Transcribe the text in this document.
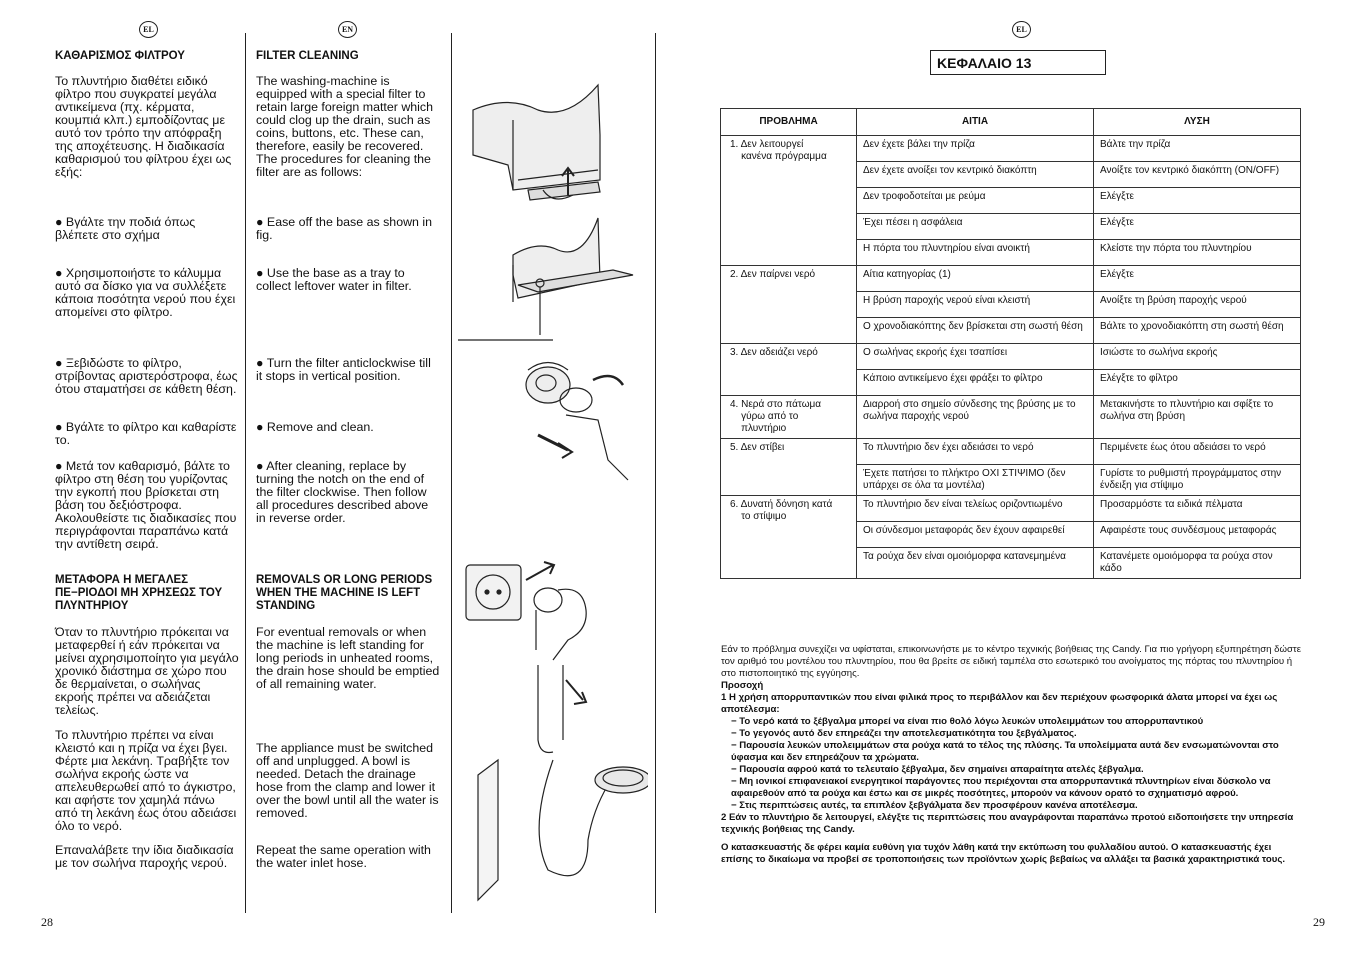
EL	EN	EL

ΚΑΘΑΡΙΣΜΟΣ ΦΙΛΤΡΟΥ

Το πλυντήριο διαθέτει ειδικό φίλτρο που συγκρατεί μεγάλα αντικείμενα (πχ. κέρματα, κουμπιά κλπ.) εμποδίζοντας με αυτό τον τρόπο την απόφραξη της αποχέτευσης. Η διαδικασία καθαρισμού του φίλτρου έχει ως εξής:

● Βγάλτε την ποδιά όπως βλέπετε στο σχήμα

● Χρησιμοποιήστε το κάλυμμα αυτό σα δίσκο για να συλλέξετε κάποια ποσότητα νερού που έχει απομείνει στο φίλτρο.

● Ξεβιδώστε το φίλτρο, στρίβοντας αριστερόστροφα, έως ότου σταματήσει σε κάθετη θέση.

● Βγάλτε το φίλτρο και καθαρίστε το.

● Μετά τον καθαρισμό, βάλτε το φίλτρο στη θέση του γυρίζοντας την εγκοπή που βρίσκεται στη βάση του δεξιόστροφα. Ακολουθείστε τις διαδικασίες που περιγράφονται παραπάνω κατά την αντίθετη σειρά.

ΜΕΤΑΦΟΡΑ Η ΜΕΓΑΛΕΣ ΠΕ−ΡΙΟΔΟΙ ΜΗ ΧΡΗΣΕΩΣ ΤΟΥ ΠΛΥΝΤΗΡΙΟΥ

Όταν το πλυντήριο πρόκειται να μεταφερθεί ή εάν πρόκειται να μείνει αχρησιμοποίητο για μεγάλο χρονικό διάστημα σε χώρο που δε θερμαίνεται, ο σωλήνας εκροής πρέπει να αδειάζεται τελείως.

Το πλυντήριο πρέπει να είναι κλειστό και η πρίζα να έχει βγει. Φέρτε μια λεκάνη. Τραβήξτε τον σωλήνα εκροής ώστε να απελευθερωθεί από το άγκιστρο, και αφήστε τον χαμηλά πάνω από τη λεκάνη έως ότου αδειάσει όλο το νερό.

Επαναλάβετε την ίδια διαδικασία με τον σωλήνα παροχής νερού.

FILTER CLEANING

The washing-machine is equipped with a special filter to retain large foreign matter which could clog up the drain, such as coins, buttons, etc. These can, therefore, easily be recovered. The procedures for cleaning the filter are as follows:

● Ease off the base as shown in fig.

● Use the base as a tray to collect leftover water in filter.

● Turn the filter anticlockwise till it stops in vertical position.

● Remove and clean.

● After cleaning, replace by turning the notch on the end of the filter clockwise. Then follow all procedures described above in reverse order.

REMOVALS OR LONG PERIODS WHEN THE MACHINE IS LEFT STANDING

For eventual removals or when the machine is left standing for long periods in unheated rooms, the drain hose should be emptied of all remaining water.

The appliance must be switched off and unplugged. A bowl is needed. Detach the drainage hose from the clamp and lower it over the bowl until all the water is removed.

Repeat the same operation with the water inlet hose.

ΚΕΦΑΛΑΙΟ 13
ΠΡΟΒΛΗΜΑ	ΑΙΤΙΑ	ΛΥΣΗ
1. Δεν λειτουργεί
κανένα πρόγραμμα	Δεν έχετε βάλει την πρίζα	Βάλτε την πρίζα
	Δεν έχετε ανοίξει τον κεντρικό διακόπτη	Ανοίξτε τον κεντρικό διακόπτη (ON/OFF)
	Δεν τροφοδοτείται με ρεύμα	Ελέγξτε
	Έχει πέσει η ασφάλεια	Ελέγξτε
	Η πόρτα του πλυντηρίου είναι ανοικτή	Κλείστε την πόρτα του πλυντηρίου
2. Δεν παίρνει νερό	Αίτια κατηγορίας (1)	Ελέγξτε
	Η βρύση παροχής νερού είναι κλειστή	Ανοίξτε τη βρύση παροχής νερού
	Ο χρονοδιακόπτης δεν βρίσκεται στη σωστή θέση	Βάλτε το χρονοδιακόπτη στη σωστή θέση
3. Δεν αδειάζει νερό	Ο σωλήνας εκροής έχει τσαπίσει	Ισιώστε το σωλήνα εκροής
	Κάποιο αντικείμενο έχει φράξει το φίλτρο	Ελέγξτε το φίλτρο
4. Νερά στο πάτωμα
γύρω από το
πλυντήριο	Διαρροή στο σημείο σύνδεσης της βρύσης με το σωλήνα παροχής νερού	Μετακινήστε το πλυντήριο και σφίξτε το σωλήνα στη βρύση
5. Δεν στίβει	Το πλυντήριο δεν έχει αδειάσει το νερό	Περιμένετε έως ότου αδειάσει το νερό
	Έχετε πατήσει το πλήκτρο ΟΧΙ ΣΤΙΨΙΜΟ (δεν υπάρχει σε όλα τα μοντέλα)	Γυρίστε το ρυθμιστή προγράμματος στην ένδειξη για στίψιμο
6. Δυνατή δόνηση κατά
το στίψιμο	Το πλυντήριο δεν είναι τελείως οριζοντιωμένο	Προσαρμόστε τα ειδικά πέλματα
	Οι σύνδεσμοι μεταφοράς δεν έχουν αφαιρεθεί	Αφαιρέστε τους συνδέσμους μεταφοράς
	Τα ρούχα δεν είναι ομοιόμορφα κατανεμημένα	Κατανέμετε ομοιόμορφα τα ρούχα στον κάδο

Εάν το πρόβλημα συνεχίζει να υφίσταται, επικοινωνήστε με το κέντρο τεχνικής βοήθειας της Candy. Για πιο γρήγορη εξυπηρέτηση δώστε τον αριθμό του μοντέλου του πλυντηρίου, που θα βρείτε σε ειδική ταμπέλα στο εσωτερικό του ανοίγματος της πόρτας του πλυντηρίου ή στο πιστοποιητικό της εγγύησης.

Προσοχή

1 Η χρήση απορρυπαντικών που είναι φιλικά προς το περιβάλλον και δεν περιέχουν φωσφορικά άλατα μπορεί να έχει ως αποτέλεσμα:

− Το νερό κατά το ξέβγαλμα μπορεί να είναι πιο θολό λόγω λευκών υπολειμμάτων του απορρυπαντικού

− Το γεγονός αυτό δεν επηρεάζει την αποτελεσματικότητα του ξεβγάλματος.

− Παρουσία λευκών υπολειμμάτων στα ρούχα κατά το τέλος της πλύσης. Τα υπολείμματα αυτά δεν ενσωματώνονται στο ύφασμα και δεν επηρεάζουν τα χρώματα.

− Παρουσία αφρού κατά το τελευταίο ξέβγαλμα, δεν σημαίνει απαραίτητα ατελές ξέβγαλμα.

− Μη ιονικοί επιφανειακοί ενεργητικοί παράγοντες που περιέχονται στα απορρυπαντικά πλυντηρίων είναι δύσκολο να αφαιρεθούν από τα ρούχα και έστω και σε μικρές ποσότητες, μπορούν να κάνουν ορατό το σχηματισμό αφρού.

− Στις περιπτώσεις αυτές, τα επιπλέον ξεβγάλματα δεν προσφέρουν κανένα αποτέλεσμα.

2 Εάν το πλυντήριο δε λειτουργεί, ελέγξτε τις περιπτώσεις που αναγράφονται παραπάνω προτού ειδοποιήσετε την υπηρεσία τεχνικής βοήθειας της Candy.

Ο κατασκευαστής δε φέρει καμία ευθύνη για τυχόν λάθη κατά την εκτύπωση του φυλλαδίου αυτού. Ο κατασκευαστής έχει επίσης το δικαίωμα να προβεί σε τροποποιήσεις των προϊόντων χωρίς βεβαίως να αλλάξει τα βασικά χαρακτηριστικά τους.

28	29
